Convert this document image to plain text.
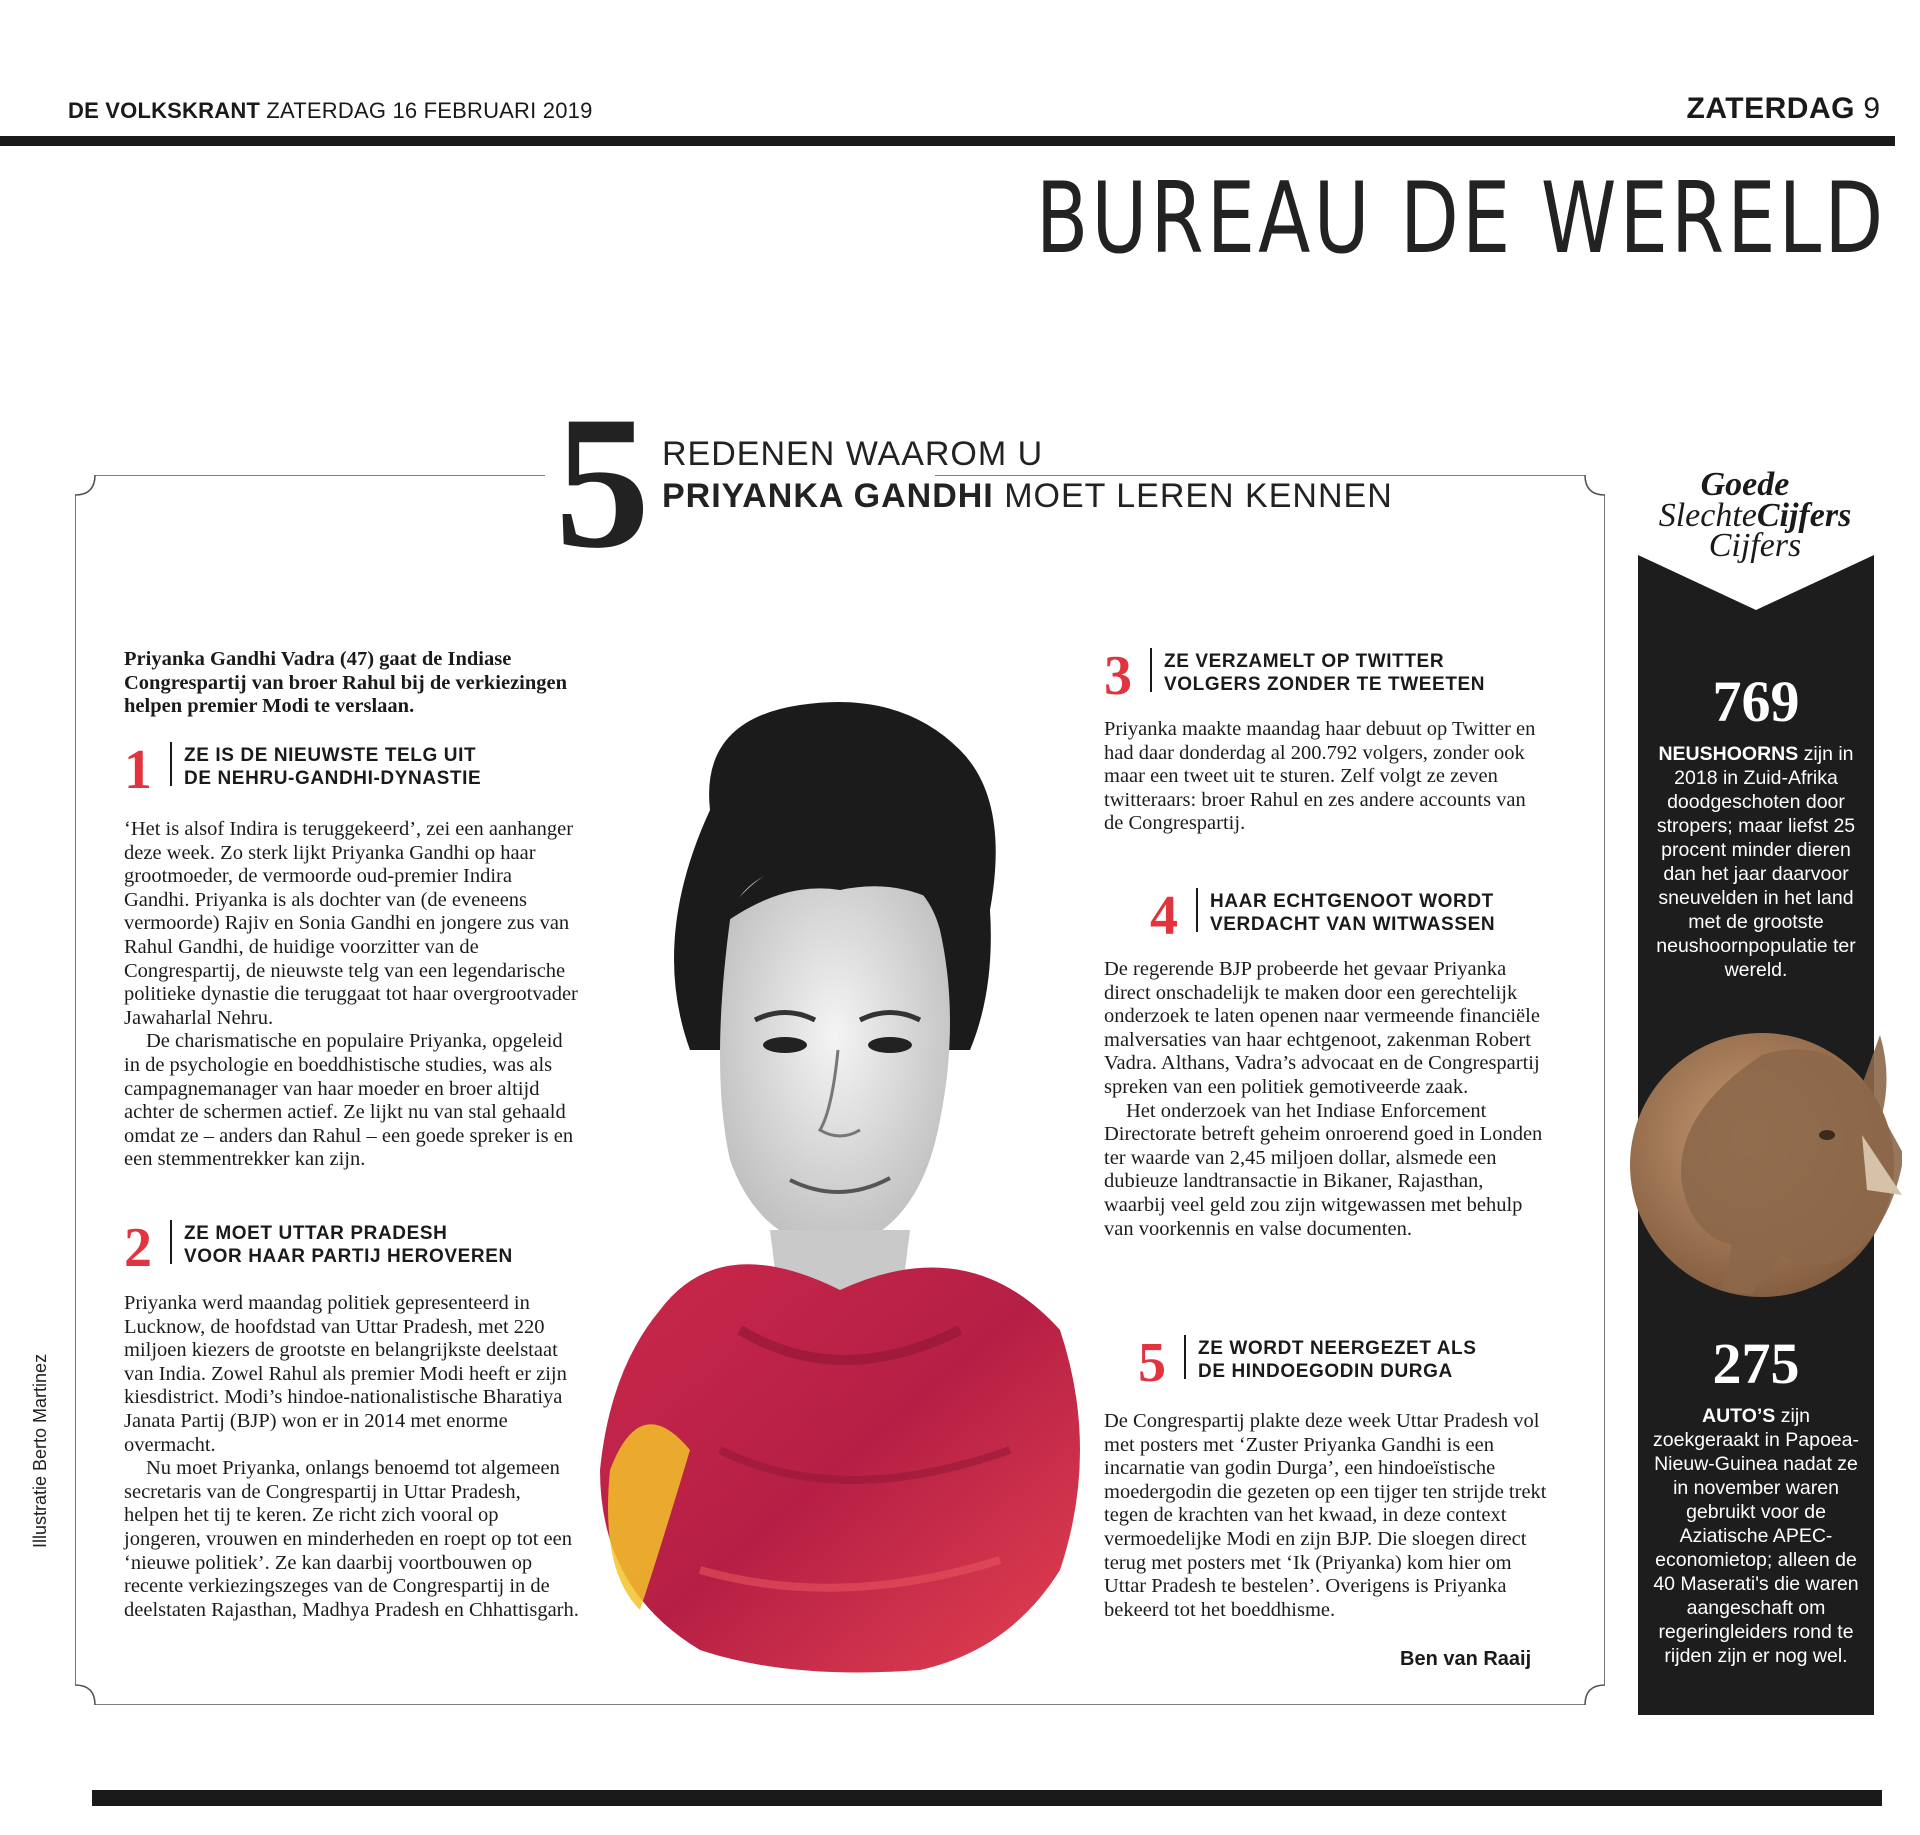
DE VOLKSKRANT ZATERDAG 16 FEBRUARI 2019	ZATERDAG 9
BUREAU DE WERELD
5 REDENEN WAAROM U
PRIYANKA GANDHI MOET LEREN KENNEN
Priyanka Gandhi Vadra (47) gaat de Indiase Congrespartij van broer Rahul bij de verkiezingen helpen premier Modi te verslaan.
1	ZE IS DE NIEUWSTE TELG UIT
DE NEHRU-GANDHI-DYNASTIE

‘Het is alsof Indira is teruggekeerd’, zei een aanhanger deze week. Zo sterk lijkt Priyanka Gandhi op haar grootmoeder, de vermoorde oud-premier Indira Gandhi. Priyanka is als dochter van (de eveneens vermoorde) Rajiv en Sonia Gandhi en jongere zus van Rahul Gandhi, de huidige voorzitter van de Congrespartij, de nieuwste telg van een legendarische politieke dynastie die teruggaat tot haar overgrootvader Jawaharlal Nehru.

De charismatische en populaire Priyanka, opgeleid in de psychologie en boeddhistische studies, was als campagnemanager van haar moeder en broer altijd achter de schermen actief. Ze lijkt nu van stal gehaald omdat ze – anders dan Rahul – een goede spreker is en een stemmentrekker kan zijn.

2	ZE MOET UTTAR PRADESH
VOOR HAAR PARTIJ HEROVEREN

Priyanka werd maandag politiek gepresenteerd in Lucknow, de hoofdstad van Uttar Pradesh, met 220 miljoen kiezers de grootste en belangrijkste deelstaat van India. Zowel Rahul als premier Modi heeft er zijn kiesdistrict. Modi’s hindoe-nationalistische Bharatiya Janata Partij (BJP) won er in 2014 met enorme overmacht.

Nu moet Priyanka, onlangs benoemd tot algemeen secretaris van de Congrespartij in Uttar Pradesh, helpen het tij te keren. Ze richt zich vooral op jongeren, vrouwen en minderheden en roept op tot een ‘nieuwe politiek’. Ze kan daarbij voortbouwen op recente verkiezingszeges van de Congrespartij in de deelstaten Rajasthan, Madhya Pradesh en Chhattisgarh.

3	ZE VERZAMELT OP TWITTER
VOLGERS ZONDER TE TWEETEN

Priyanka maakte maandag haar debuut op Twitter en had daar donderdag al 200.792 volgers, zonder ook maar een tweet uit te sturen. Zelf volgt ze zeven twitteraars: broer Rahul en zes andere accounts van de Congrespartij.

4	HAAR ECHTGENOOT WORDT
VERDACHT VAN WITWASSEN

De regerende BJP probeerde het gevaar Priyanka direct onschadelijk te maken door een gerechtelijk onderzoek te laten openen naar vermeende financiële malversaties van haar echtgenoot, zakenman Robert Vadra. Althans, Vadra’s advocaat en de Congrespartij spreken van een politiek gemotiveerde zaak.

Het onderzoek van het Indiase Enforcement Directorate betreft geheim onroerend goed in Londen ter waarde van 2,45 miljoen dollar, alsmede een dubieuze landtransactie in Bikaner, Rajasthan, waarbij veel geld zou zijn witgewassen met behulp van voorkennis en valse documenten.

5	ZE WORDT NEERGEZET ALS
DE HINDOEGODIN DURGA

De Congrespartij plakte deze week Uttar Pradesh vol met posters met ‘Zuster Priyanka Gandhi is een incarnatie van godin Durga’, een hindoeïstische moedergodin die gezeten op een tijger ten strijde trekt tegen de krachten van het kwaad, in deze context vermoedelijke Modi en zijn BJP. Die sloegen direct terug met posters met ‘Ik (Priyanka) kom hier om Uttar Pradesh te bestelen’. Overigens is Priyanka bekeerd tot het boeddhisme.

Ben van Raaij
Illustratie Berto Martinez
Goede
SlechteCijfers
Cijfers
769
NEUSHOORNS zijn in 2018 in Zuid-Afrika doodgeschoten door stropers; maar liefst 25 procent minder dieren dan het jaar daarvoor sneuvelden in het land met de grootste neushoornpopulatie ter wereld.
275
AUTO’S zijn zoekgeraakt in Papoea-Nieuw-Guinea nadat ze in november waren gebruikt voor de Aziatische APEC-economietop; alleen de 40 Maserati's die waren aangeschaft om regeringleiders rond te rijden zijn er nog wel.
